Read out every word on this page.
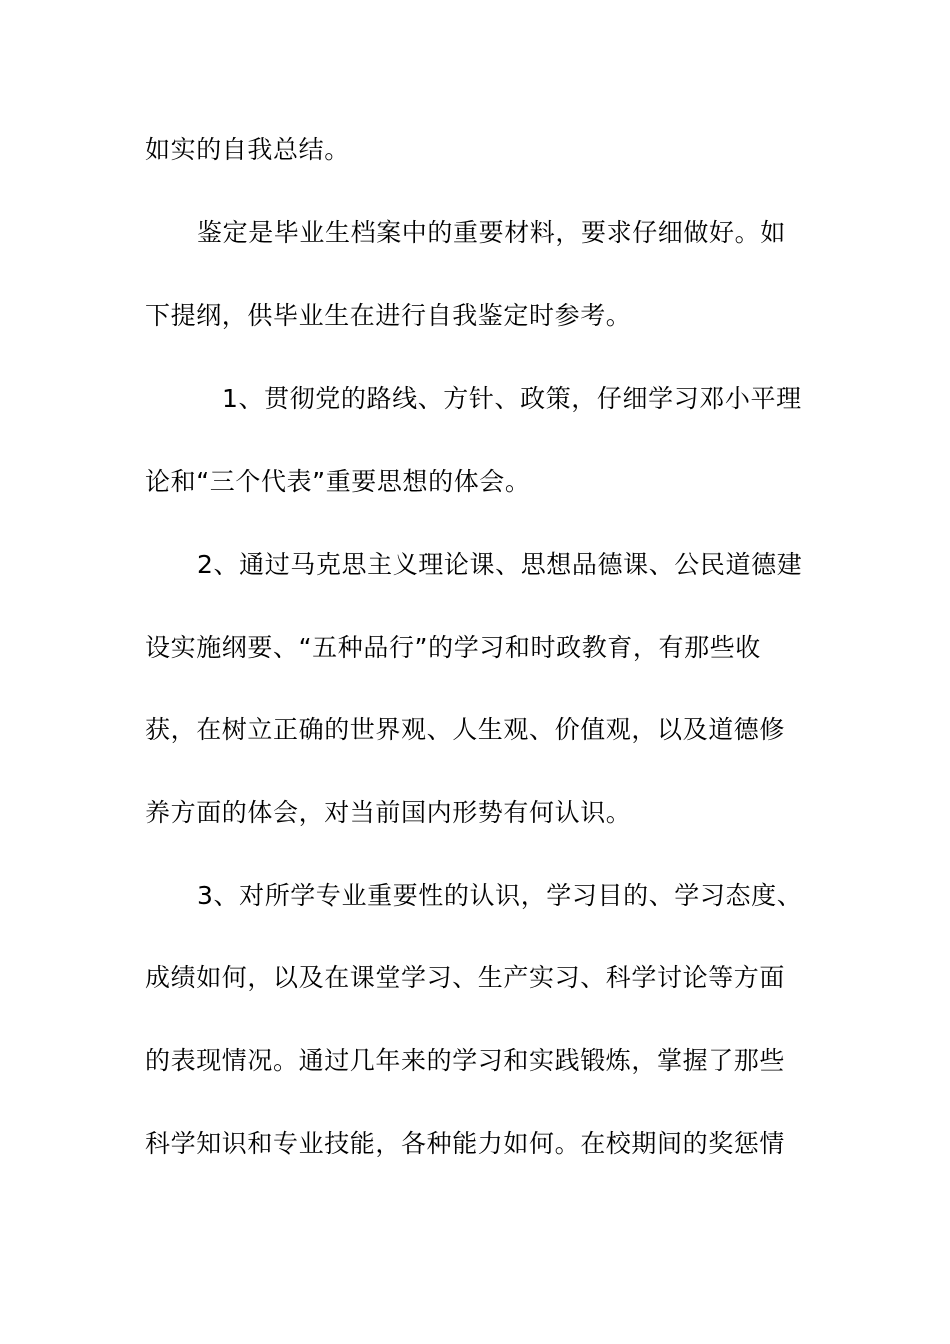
如实的自我总结。
鉴定是毕业生档案中的重要材料，要求仔细做好。如
下提纲，供毕业生在进行自我鉴定时参考。
1、贯彻党的路线、方针、政策，仔细学习邓小平理
论和“三个代表”重要思想的体会。
2、通过马克思主义理论课、思想品德课、公民道德建
设实施纲要、“五种品行”的学习和时政教育，有那些收
获，在树立正确的世界观、人生观、价值观，以及道德修
养方面的体会，对当前国内形势有何认识。
3、对所学专业重要性的认识，学习目的、学习态度、
成绩如何，以及在课堂学习、生产实习、科学讨论等方面
的表现情况。通过几年来的学习和实践锻炼，掌握了那些
科学知识和专业技能，各种能力如何。在校期间的奖惩情
